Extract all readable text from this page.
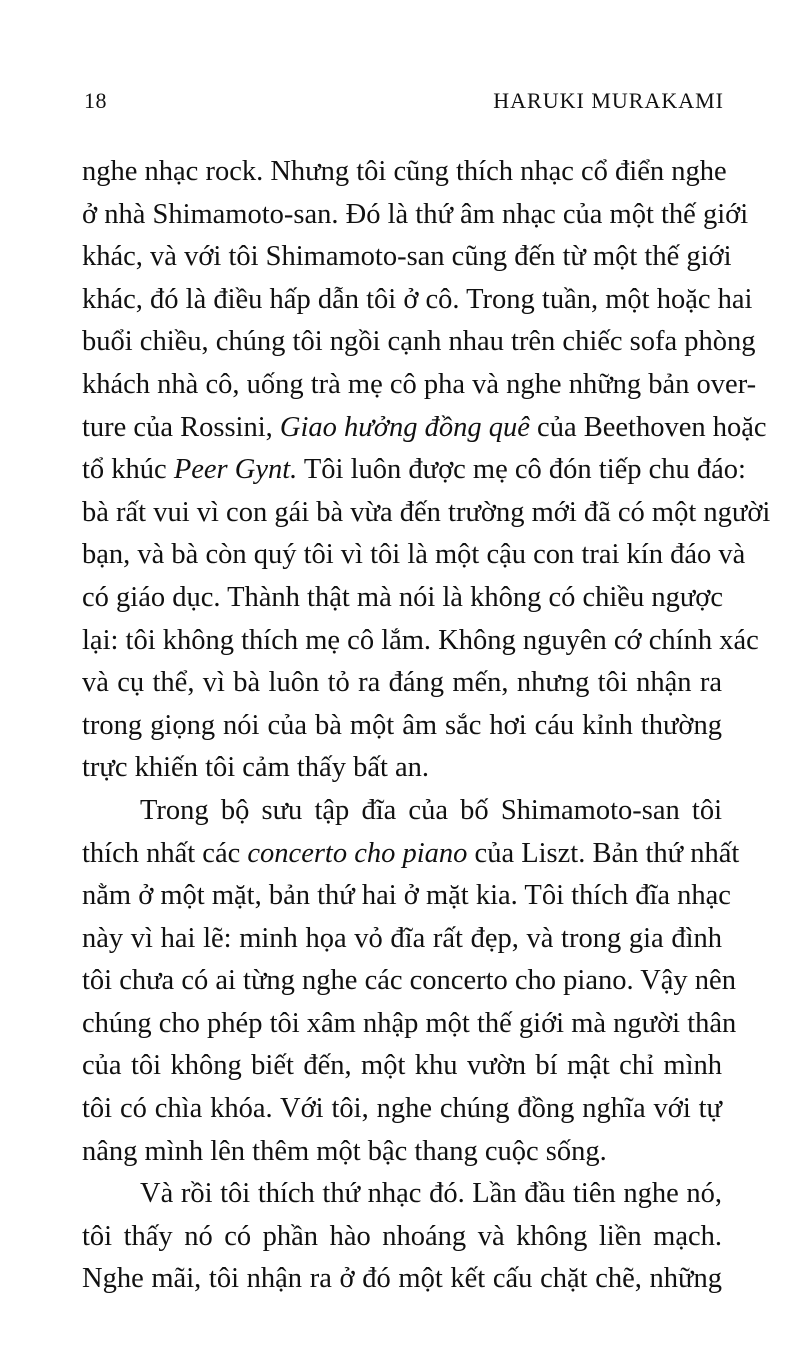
18	HARUKI MURAKAMI

nghe nhạc rock. Nhưng tôi cũng thích nhạc cổ điển nghe
ở nhà Shimamoto-san. Đó là thứ âm nhạc của một thế giới
khác, và với tôi Shimamoto-san cũng đến từ một thế giới
khác, đó là điều hấp dẫn tôi ở cô. Trong tuần, một hoặc hai
buổi chiều, chúng tôi ngồi cạnh nhau trên chiếc sofa phòng
khách nhà cô, uống trà mẹ cô pha và nghe những bản over-
ture của Rossini, Giao hưởng đồng quê của Beethoven hoặc
tổ khúc Peer Gynt. Tôi luôn được mẹ cô đón tiếp chu đáo:
bà rất vui vì con gái bà vừa đến trường mới đã có một người
bạn, và bà còn quý tôi vì tôi là một cậu con trai kín đáo và
có giáo dục. Thành thật mà nói là không có chiều ngược
lại: tôi không thích mẹ cô lắm. Không nguyên cớ chính xác
và cụ thể, vì bà luôn tỏ ra đáng mến, nhưng tôi nhận ra
trong giọng nói của bà một âm sắc hơi cáu kỉnh thường
trực khiến tôi cảm thấy bất an.

Trong bộ sưu tập đĩa của bố Shimamoto-san tôi
thích nhất các concerto cho piano của Liszt. Bản thứ nhất
nằm ở một mặt, bản thứ hai ở mặt kia. Tôi thích đĩa nhạc
này vì hai lẽ: minh họa vỏ đĩa rất đẹp, và trong gia đình
tôi chưa có ai từng nghe các concerto cho piano. Vậy nên
chúng cho phép tôi xâm nhập một thế giới mà người thân
của tôi không biết đến, một khu vườn bí mật chỉ mình
tôi có chìa khóa. Với tôi, nghe chúng đồng nghĩa với tự
nâng mình lên thêm một bậc thang cuộc sống.

Và rồi tôi thích thứ nhạc đó. Lần đầu tiên nghe nó,
tôi thấy nó có phần hào nhoáng và không liền mạch.
Nghe mãi, tôi nhận ra ở đó một kết cấu chặt chẽ, những
